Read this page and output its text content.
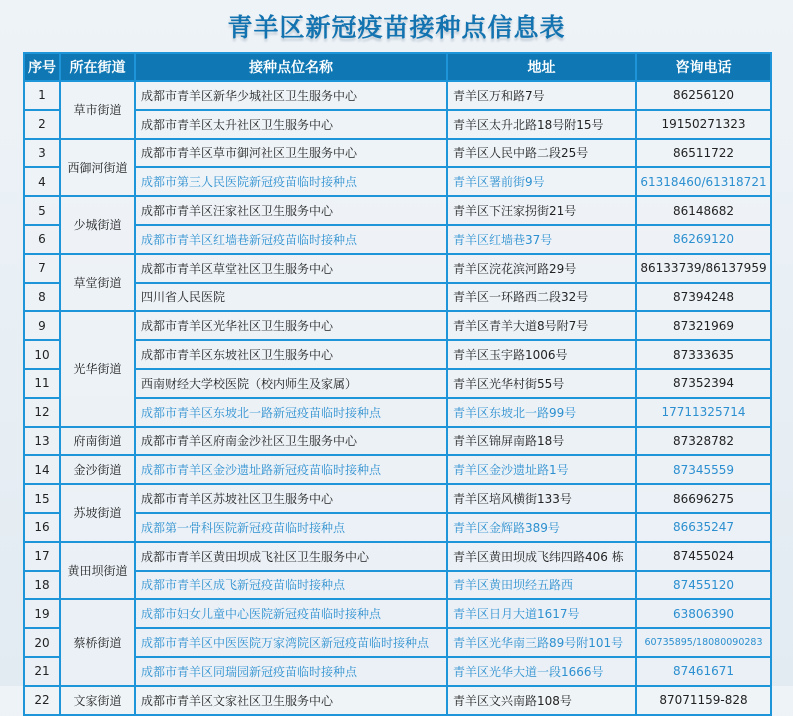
青羊区新冠疫苗接种点信息表
序号	所在街道	接种点位名称	地址	咨询电话
1	草市街道	成都市青羊区新华少城社区卫生服务中心	青羊区万和路7号	86256120
2		成都市青羊区太升社区卫生服务中心	青羊区太升北路18号附15号	19150271323
3	西御河街道	成都市青羊区草市御河社区卫生服务中心	青羊区人民中路二段25号	86511722
4		成都市第三人民医院新冠疫苗临时接种点	青羊区署前街9号	61318460/61318721
5	少城街道	成都市青羊区汪家社区卫生服务中心	青羊区下汪家拐街21号	86148682
6		成都市青羊区红墙巷新冠疫苗临时接种点	青羊区红墙巷37号	86269120
7	草堂街道	成都市青羊区草堂社区卫生服务中心	青羊区浣花滨河路29号	86133739/86137959
8		四川省人民医院	青羊区一环路西二段32号	87394248
9	光华街道	成都市青羊区光华社区卫生服务中心	青羊区青羊大道8号附7号	87321969
10		成都市青羊区东坡社区卫生服务中心	青羊区玉宇路1006号	87333635
11		西南财经大学校医院（校内师生及家属）	青羊区光华村街55号	87352394
12		成都市青羊区东坡北一路新冠疫苗临时接种点	青羊区东坡北一路99号	17711325714
13	府南街道	成都市青羊区府南金沙社区卫生服务中心	青羊区锦屏南路18号	87328782
14	金沙街道	成都市青羊区金沙遗址路新冠疫苗临时接种点	青羊区金沙遗址路1号	87345559
15	苏坡街道	成都市青羊区苏坡社区卫生服务中心	青羊区培风横街133号	86696275
16		成都第一骨科医院新冠疫苗临时接种点	青羊区金辉路389号	86635247
17	黄田坝街道	成都市青羊区黄田坝成飞社区卫生服务中心	青羊区黄田坝成飞纬四路406 栋	87455024
18		成都市青羊区成飞新冠疫苗临时接种点	青羊区黄田坝经五路西	87455120
19	蔡桥街道	成都市妇女儿童中心医院新冠疫苗临时接种点	青羊区日月大道1617号	63806390
20		成都市青羊区中医医院万家湾院区新冠疫苗临时接种点	青羊区光华南三路89号附101号	60735895/18080090283
21		成都市青羊区同瑞园新冠疫苗临时接种点	青羊区光华大道一段1666号	87461671
22	文家街道	成都市青羊区文家社区卫生服务中心	青羊区文兴南路108号	87071159-828
